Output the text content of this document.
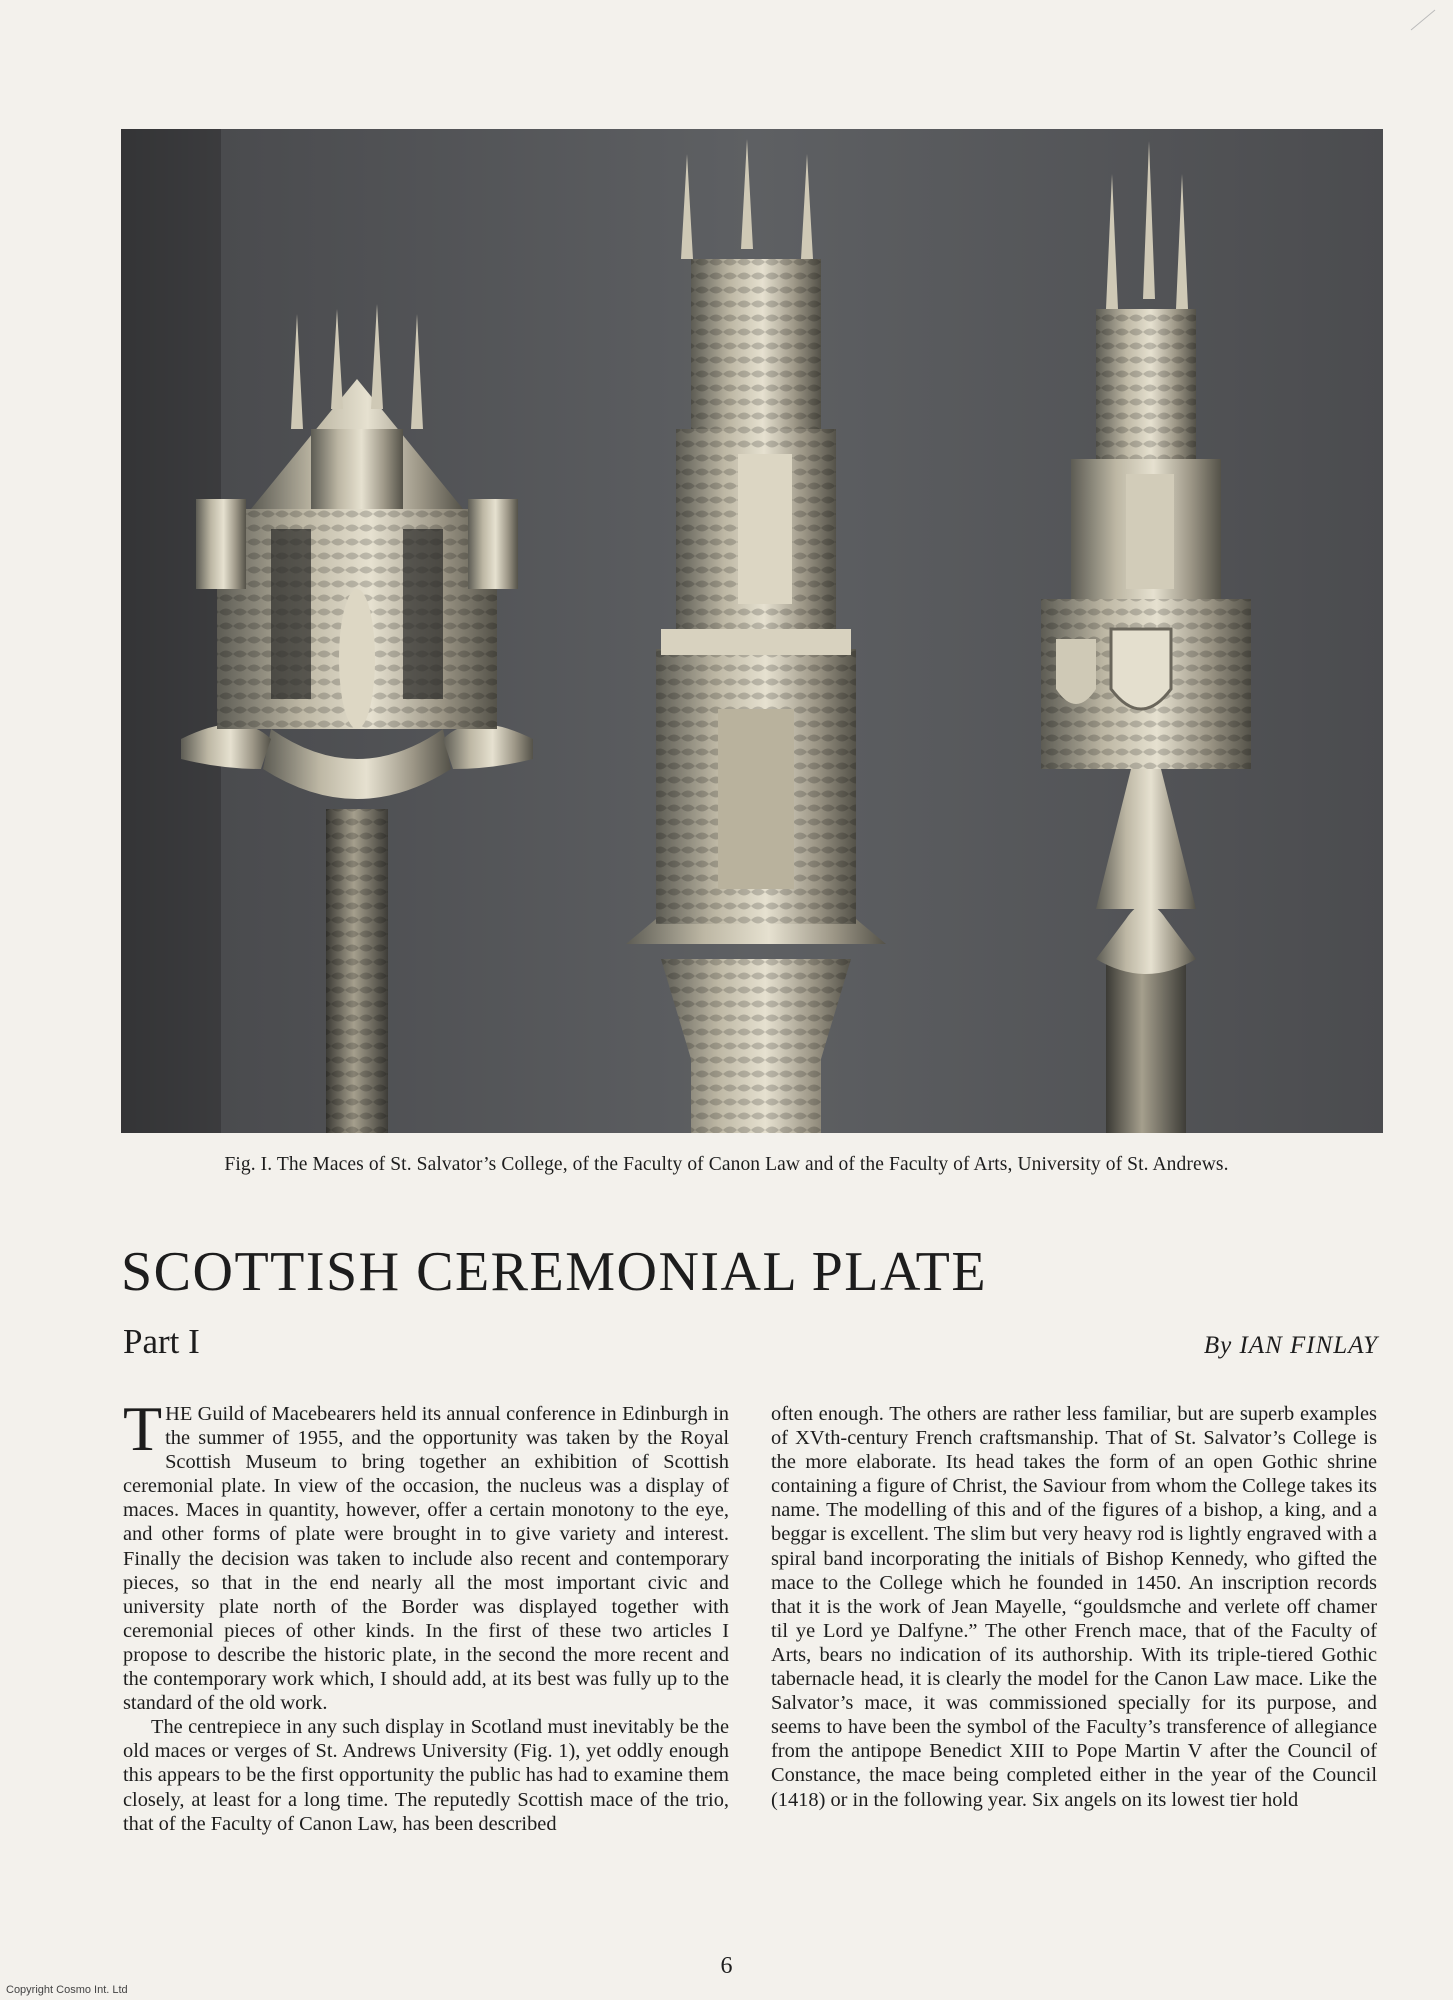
Fig. I. The Maces of St. Salvator’s College, of the Faculty of Canon Law and of the Faculty of Arts, University of St. Andrews.
SCOTTISH CEREMONIAL PLATE
Part I	By IAN FINLAY

THE Guild of Macebearers held its annual conference in Edinburgh in the summer of 1955, and the opportunity was taken by the Royal Scottish Museum to bring together an exhibition of Scottish ceremonial plate. In view of the occasion, the nucleus was a display of maces. Maces in quantity, however, offer a certain monotony to the eye, and other forms of plate were brought in to give variety and interest. Finally the decision was taken to include also recent and contemporary pieces, so that in the end nearly all the most important civic and university plate north of the Border was displayed together with ceremonial pieces of other kinds. In the first of these two articles I propose to describe the historic plate, in the second the more recent and the contemporary work which, I should add, at its best was fully up to the standard of the old work.

The centrepiece in any such display in Scotland must inevitably be the old maces or verges of St. Andrews University (Fig. 1), yet oddly enough this appears to be the first opportunity the public has had to examine them closely, at least for a long time. The reputedly Scottish mace of the trio, that of the Faculty of Canon Law, has been described

often enough. The others are rather less familiar, but are superb examples of XVth-century French craftsmanship. That of St. Salvator’s College is the more elaborate. Its head takes the form of an open Gothic shrine containing a figure of Christ, the Saviour from whom the College takes its name. The modelling of this and of the figures of a bishop, a king, and a beggar is excellent. The slim but very heavy rod is lightly engraved with a spiral band incorporating the initials of Bishop Kennedy, who gifted the mace to the College which he founded in 1450. An inscription records that it is the work of Jean Mayelle, “gouldsmche and verlete off chamer til ye Lord ye Dalfyne.” The other French mace, that of the Faculty of Arts, bears no indication of its authorship. With its triple-tiered Gothic tabernacle head, it is clearly the model for the Canon Law mace. Like the Salvator’s mace, it was commissioned specially for its purpose, and seems to have been the symbol of the Faculty’s transference of allegiance from the antipope Benedict XIII to Pope Martin V after the Council of Constance, the mace being completed either in the year of the Council (1418) or in the following year. Six angels on its lowest tier hold

6
Copyright Cosmo Int. Ltd
